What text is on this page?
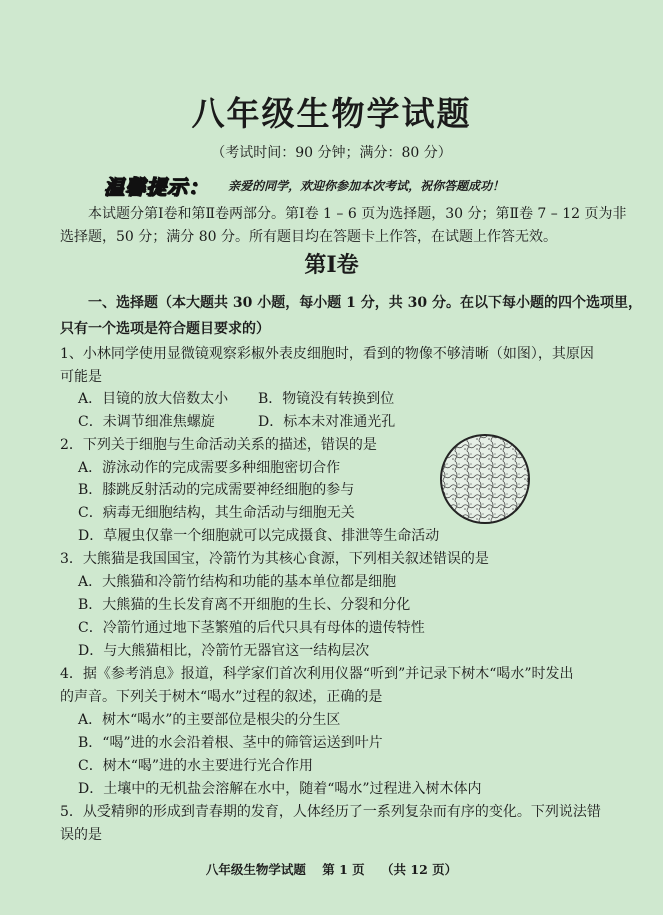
八年级生物学试题
（考试时间：90 分钟；满分：80 分）
温馨提示： 亲爱的同学，欢迎你参加本次考试，祝你答题成功！
本试题分第Ⅰ卷和第Ⅱ卷两部分。第Ⅰ卷 1 – 6 页为选择题，30 分；第Ⅱ卷 7 – 12 页为非
选择题，50 分；满分 80 分。所有题目均在答题卡上作答，在试题上作答无效。
第Ⅰ卷
一、选择题（本大题共 30 小题，每小题 1 分，共 30 分。在以下每小题的四个选项里，
只有一个选项是符合题目要求的）
1、小林同学使用显微镜观察彩椒外表皮细胞时，看到的物像不够清晰（如图），其原因
可能是
A．目镜的放大倍数太小 B．物镜没有转换到位
C．未调节细准焦螺旋	D．标本未对准通光孔
2．下列关于细胞与生命活动关系的描述，错误的是
A．游泳动作的完成需要多种细胞密切合作
B．膝跳反射活动的完成需要神经细胞的参与
C．病毒无细胞结构，其生命活动与细胞无关
D．草履虫仅靠一个细胞就可以完成摄食、排泄等生命活动
3．大熊猫是我国国宝，冷箭竹为其核心食源，下列相关叙述错误的是
A．大熊猫和冷箭竹结构和功能的基本单位都是细胞
B．大熊猫的生长发育离不开细胞的生长、分裂和分化
C．冷箭竹通过地下茎繁殖的后代只具有母体的遗传特性
D．与大熊猫相比，冷箭竹无器官这一结构层次
4．据《参考消息》报道，科学家们首次利用仪器“听到”并记录下树木“喝水”时发出
的声音。下列关于树木“喝水”过程的叙述，正确的是
A．树木“喝水”的主要部位是根尖的分生区
B．“喝”进的水会沿着根、茎中的筛管运送到叶片
C．树木“喝”进的水主要进行光合作用
D．土壤中的无机盐会溶解在水中，随着“喝水”过程进入树木体内
5．从受精卵的形成到青春期的发育，人体经历了一系列复杂而有序的变化。下列说法错
误的是
八年级生物学试题 第 1 页 （共 12 页）
